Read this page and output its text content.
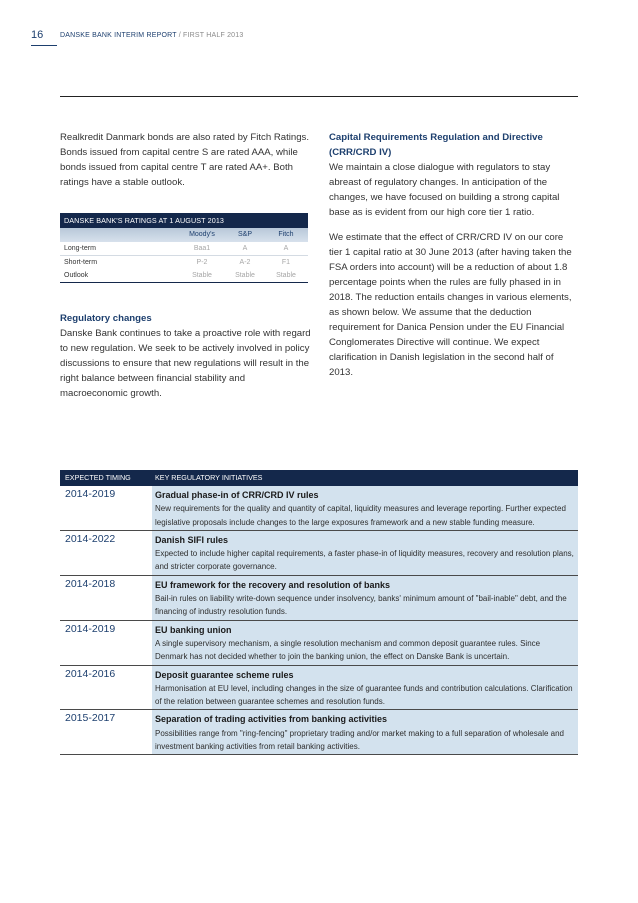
16 DANSKE BANK INTERIM REPORT / FIRST HALF 2013

Realkredit Danmark bonds are also rated by Fitch Ratings. Bonds issued from capital centre S are rated AAA, while bonds issued from capital centre T are rated AA+. Both ratings have a stable outlook.

DANSKE BANK'S RATINGS AT 1 AUGUST 2013
Moody's	S&P	Fitch
Long-term	Baa1	A	A
Short-term	P-2	A-2	F1
Outlook	Stable	Stable	Stable

Regulatory changes

Danske Bank continues to take a proactive role with regard to new regulation. We seek to be actively involved in policy discussions to ensure that new regulations will result in the right balance between financial stability and macroeconomic growth.

Capital Requirements Regulation and Directive (CRR/CRD IV)

We maintain a close dialogue with regulators to stay abreast of regulatory changes. In anticipation of the changes, we have focused on building a strong capital base as is evident from our high core tier 1 ratio.

We estimate that the effect of CRR/CRD IV on our core tier 1 capital ratio at 30 June 2013 (after having taken the FSA orders into account) will be a reduction of about 1.8 percentage points when the rules are fully phased in in 2018. The reduction entails changes in various elements, as shown below. We assume that the deduction requirement for Danica Pension under the EU Financial Conglomerates Directive will continue. We expect clarification in Danish legislation in the second half of 2013.

EXPECTED TIMING	KEY REGULATORY INITIATIVES
2014-2019	Gradual phase-in of CRR/CRD IV rules
New requirements for the quality and quantity of capital, liquidity measures and leverage reporting. Further expected legislative proposals include changes to the large exposures framework and a new stable funding measure.
2014-2022	Danish SIFI rules
Expected to include higher capital requirements, a faster phase-in of liquidity measures, recovery and resolution plans, and stricter corporate governance.
2014-2018	EU framework for the recovery and resolution of banks
Bail-in rules on liability write-down sequence under insolvency, banks' minimum amount of "bail-inable" debt, and the financing of industry resolution funds.
2014-2019	EU banking union
A single supervisory mechanism, a single resolution mechanism and common deposit guarantee rules. Since Denmark has not decided whether to join the banking union, the effect on Danske Bank is uncertain.
2014-2016	Deposit guarantee scheme rules
Harmonisation at EU level, including changes in the size of guarantee funds and contribution calculations. Clarification of the relation between guarantee schemes and resolution funds.
2015-2017	Separation of trading activities from banking activities
Possibilities range from "ring-fencing" proprietary trading and/or market making to a full separation of wholesale and investment banking activities from retail banking activities.
